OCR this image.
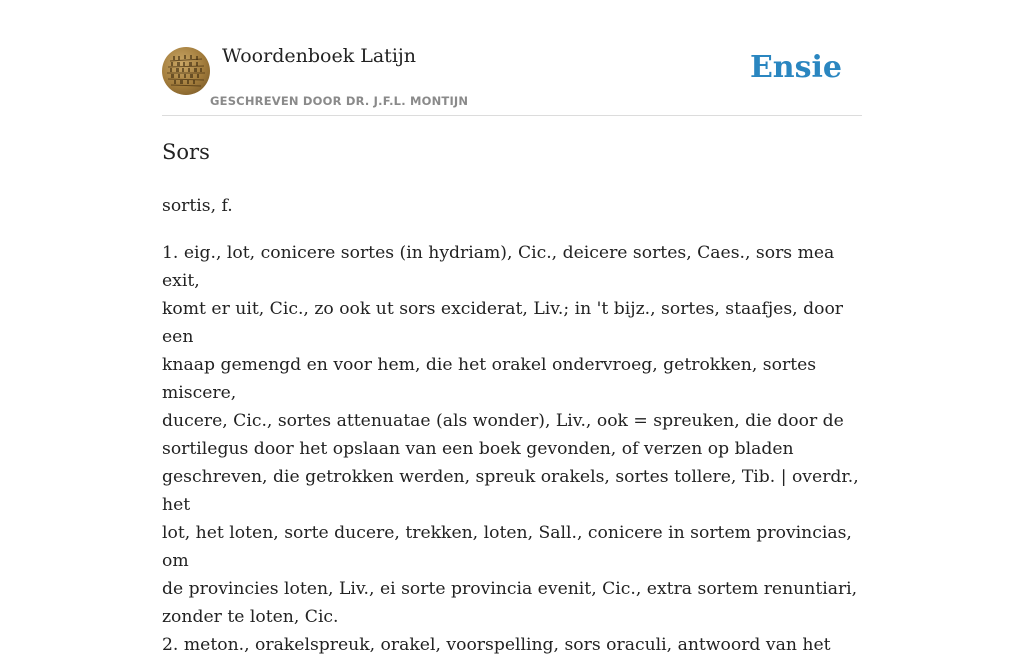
Woordenboek Latijn
GESCHREVEN DOOR DR. J.F.L. MONTIJN
Ensie
Sors

sortis, f.

1. eig., lot, conicere sortes (in hydriam), Cic., deicere sortes, Caes., sors mea exit,
komt er uit, Cic., zo ook ut sors exciderat, Liv.; in 't bijz., sortes, staafjes, door een
knaap gemengd en voor hem, die het orakel ondervroeg, getrokken, sortes miscere,
ducere, Cic., sortes attenuatae (als wonder), Liv., ook = spreuken, die door de
sortilegus door het opslaan van een boek gevonden, of verzen op bladen
geschreven, die getrokken werden, spreuk orakels, sortes tollere, Tib. | overdr., het
lot, het loten, sorte ducere, trekken, loten, Sall., conicere in sortem provincias, om
de provincies loten, Liv., ei sorte provincia evenit, Cic., extra sortem renuntiari,
zonder te loten, Cic.
2. meton., orakelspreuk, orakel, voorspelling, sors oraculi, antwoord van het
